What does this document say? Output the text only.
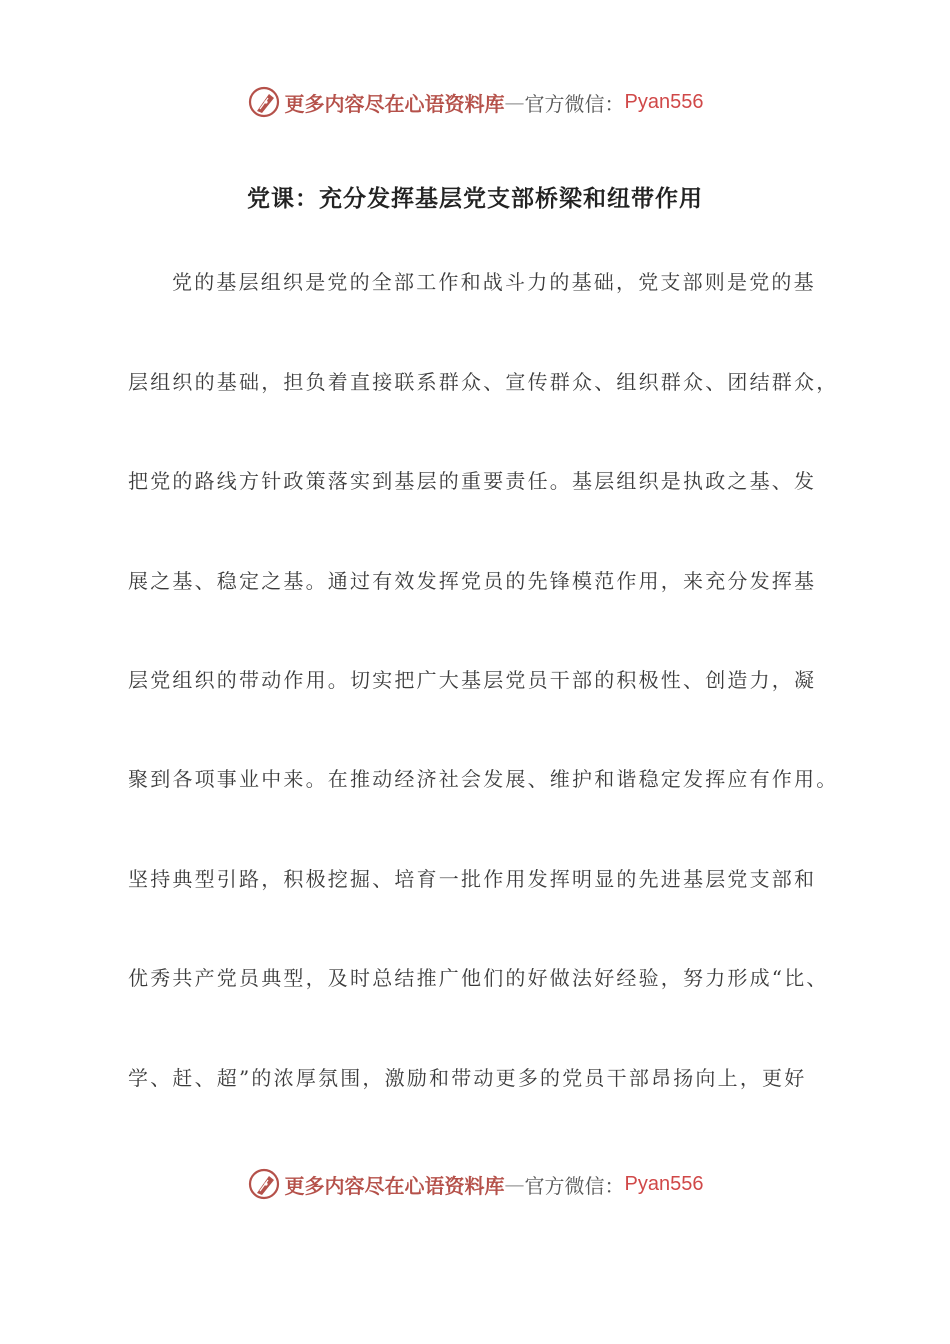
更多内容尽在心语资料库 — 官方微信： Pyan556
党课：充分发挥基层党支部桥梁和纽带作用

党的基层组织是党的全部工作和战斗力的基础，党支部则是党的基

层组织的基础，担负着直接联系群众、宣传群众、组织群众、团结群众，

把党的路线方针政策落实到基层的重要责任。基层组织是执政之基、发

展之基、稳定之基。通过有效发挥党员的先锋模范作用，来充分发挥基

层党组织的带动作用。切实把广大基层党员干部的积极性、创造力，凝

聚到各项事业中来。在推动经济社会发展、维护和谐稳定发挥应有作用。

坚持典型引路，积极挖掘、培育一批作用发挥明显的先进基层党支部和

优秀共产党员典型，及时总结推广他们的好做法好经验，努力形成“比、

学、赶、超”的浓厚氛围，激励和带动更多的党员干部昂扬向上，更好

更多内容尽在心语资料库 — 官方微信： Pyan556
